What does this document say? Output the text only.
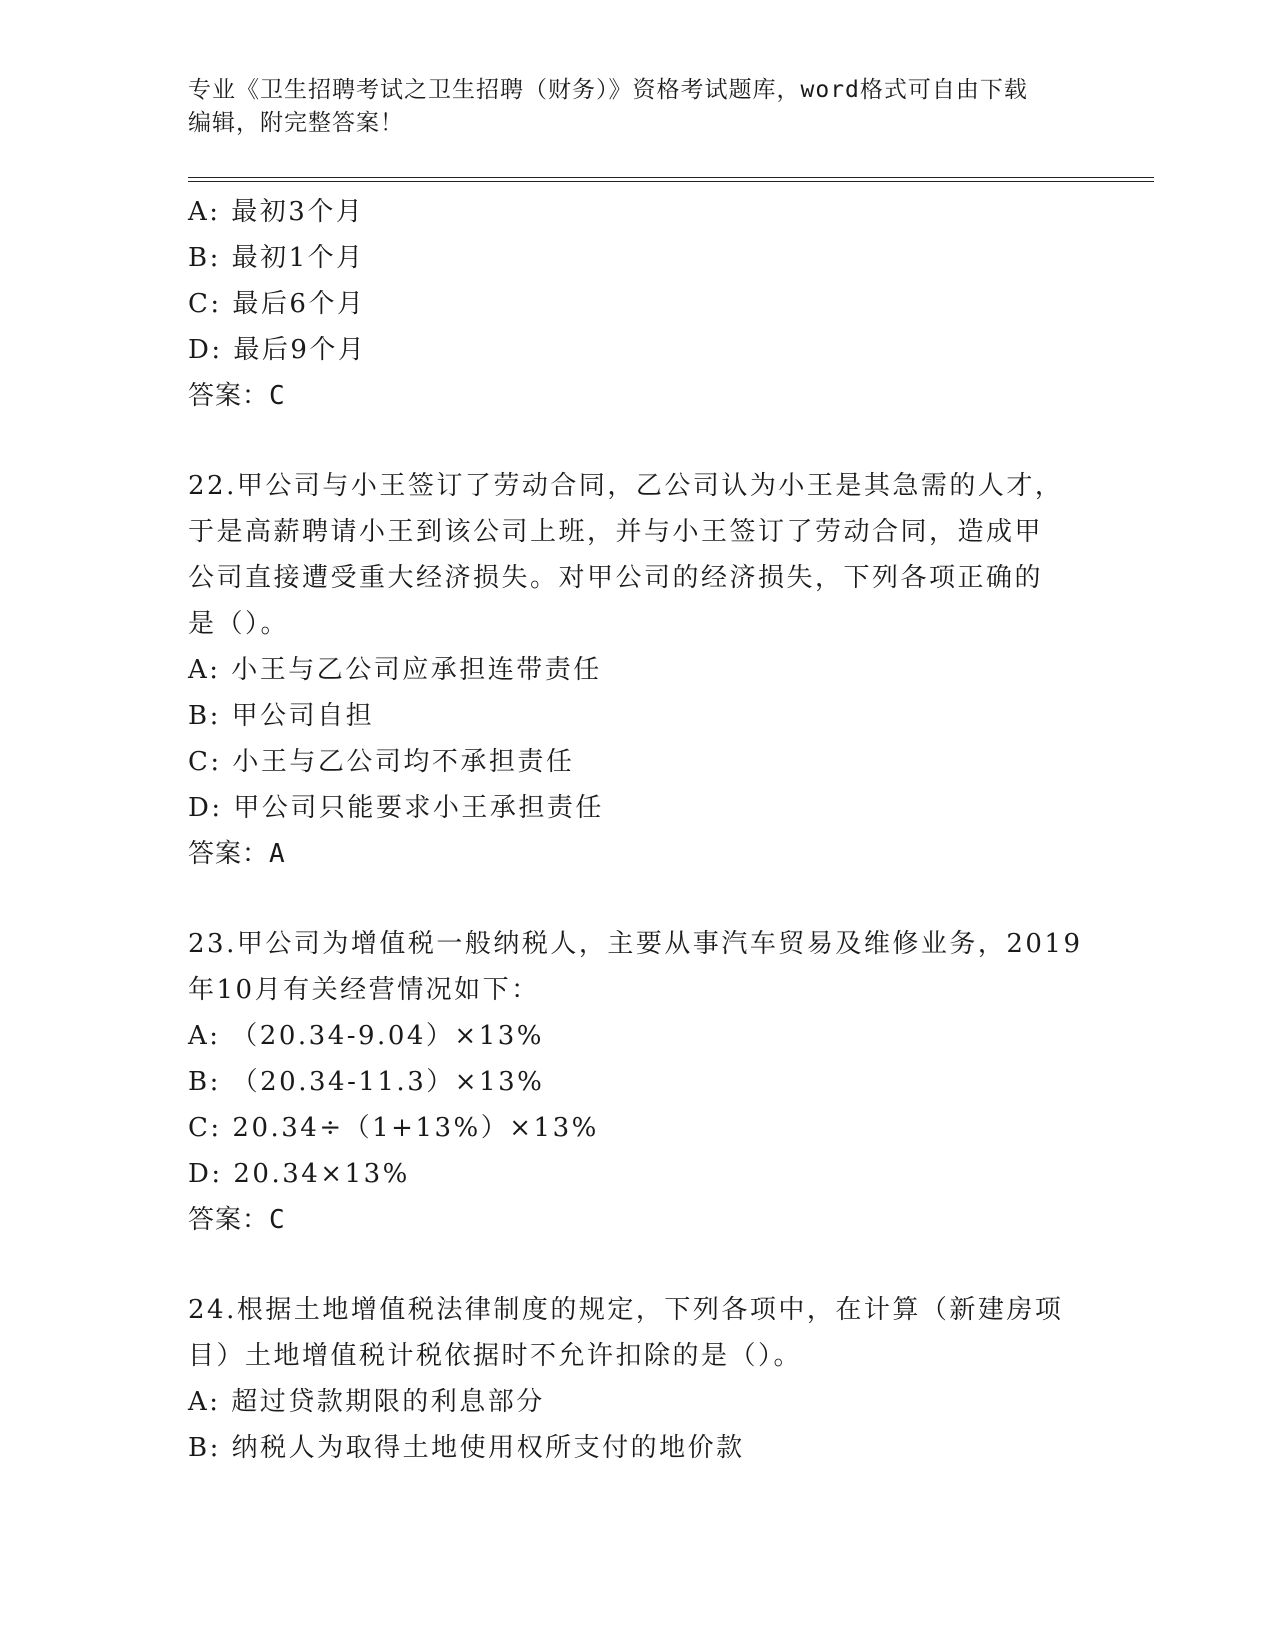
专业《卫生招聘考试之卫生招聘（财务）》资格考试题库，word格式可自由下载
编辑，附完整答案！
A: 最初3个月
B: 最初1个月
C: 最后6个月
D: 最后9个月
答案：C
22.甲公司与小王签订了劳动合同，乙公司认为小王是其急需的人才，
于是高薪聘请小王到该公司上班，并与小王签订了劳动合同，造成甲
公司直接遭受重大经济损失。对甲公司的经济损失，下列各项正确的
是（）。
A: 小王与乙公司应承担连带责任
B: 甲公司自担
C: 小王与乙公司均不承担责任
D: 甲公司只能要求小王承担责任
答案：A
23.甲公司为增值税一般纳税人，主要从事汽车贸易及维修业务，2019
年10月有关经营情况如下：
A: （20.34-9.04）×13%
B: （20.34-11.3）×13%
C: 20.34÷（1+13%）×13%
D: 20.34×13%
答案：C
24.根据土地增值税法律制度的规定，下列各项中，在计算（新建房项
目）土地增值税计税依据时不允许扣除的是（）。
A: 超过贷款期限的利息部分
B: 纳税人为取得土地使用权所支付的地价款
